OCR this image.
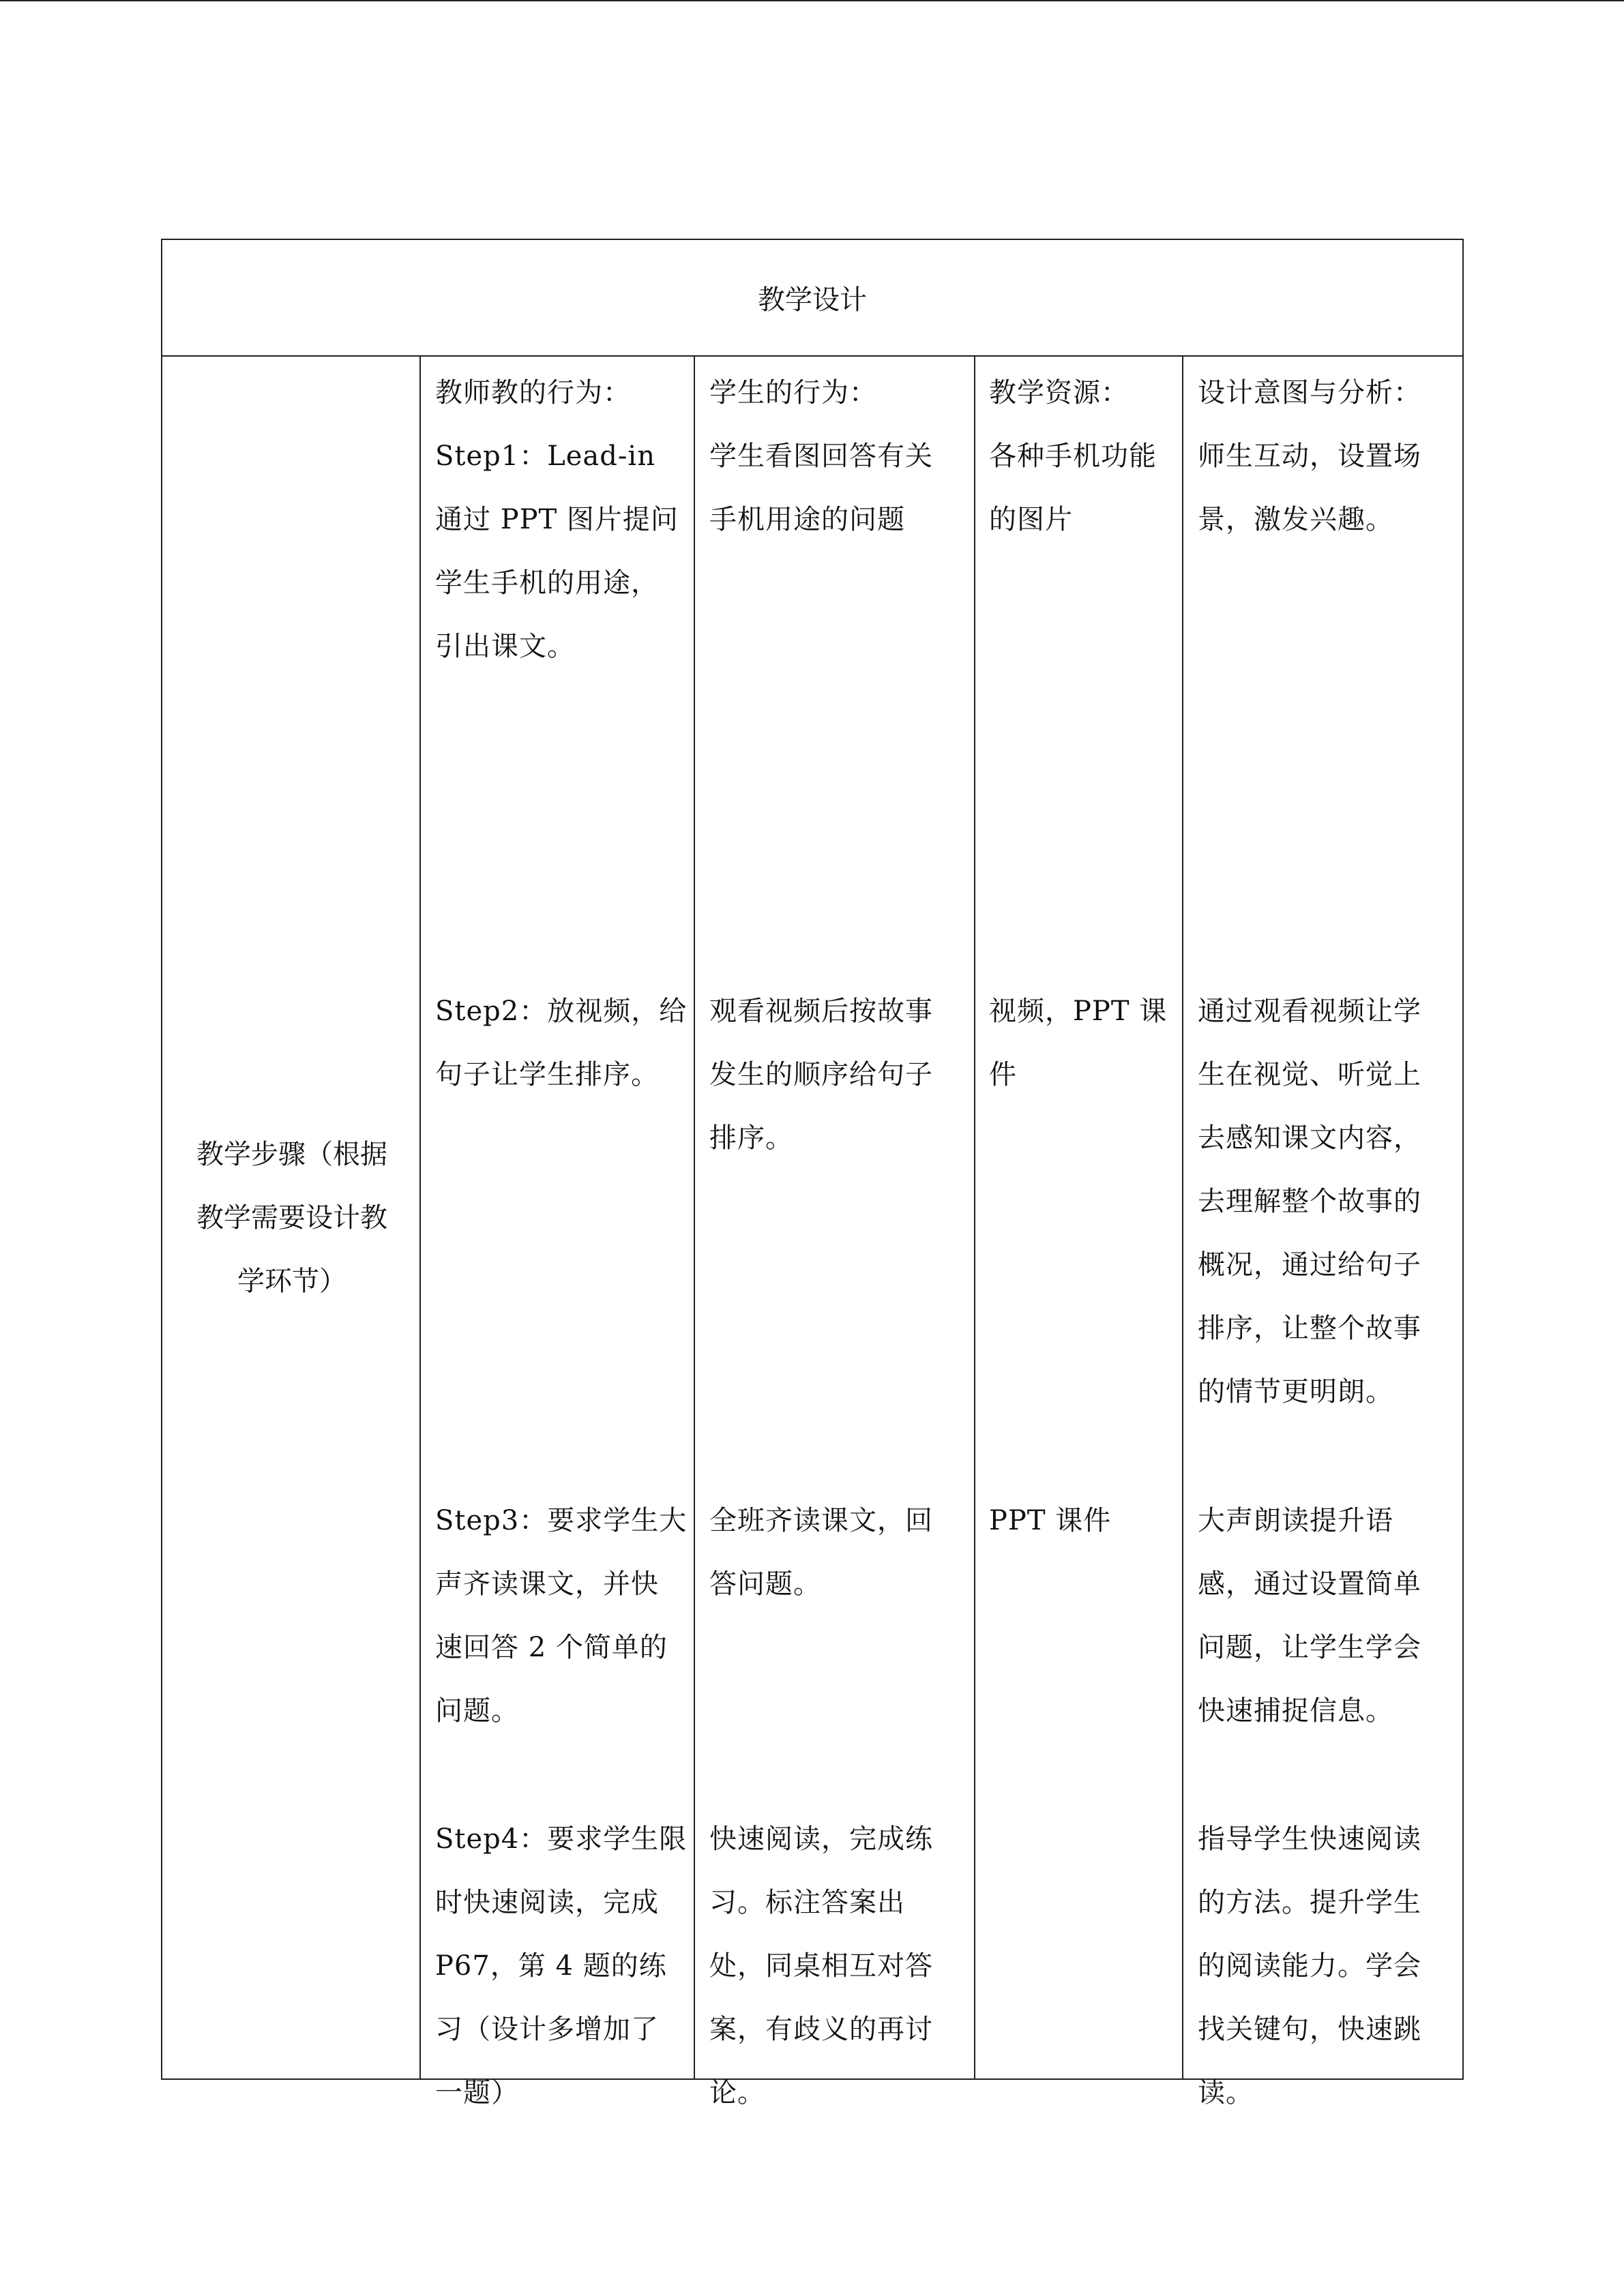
教学设计
教学步骤（根据
教学需要设计教
学环节）
教师教的行为：
Step1：Lead-in
通过 PPT 图片提问
学生手机的用途，
引出课文。
Step2：放视频，给
句子让学生排序。
Step3：要求学生大
声齐读课文，并快
速回答 2 个简单的
问题。
Step4：要求学生限
时快速阅读，完成
P67，第 4 题的练
习（设计多增加了
一题）
学生的行为：
学生看图回答有关
手机用途的问题
观看视频后按故事
发生的顺序给句子
排序。
全班齐读课文，回
答问题。
快速阅读，完成练
习。标注答案出
处，同桌相互对答
案，有歧义的再讨
论。
教学资源：
各种手机功能
的图片
视频，PPT 课
件
PPT 课件
设计意图与分析：
师生互动，设置场
景，激发兴趣。
通过观看视频让学
生在视觉、听觉上
去感知课文内容，
去理解整个故事的
概况，通过给句子
排序，让整个故事
的情节更明朗。
大声朗读提升语
感，通过设置简单
问题，让学生学会
快速捕捉信息。
指导学生快速阅读
的方法。提升学生
的阅读能力。学会
找关键句，快速跳
读。
